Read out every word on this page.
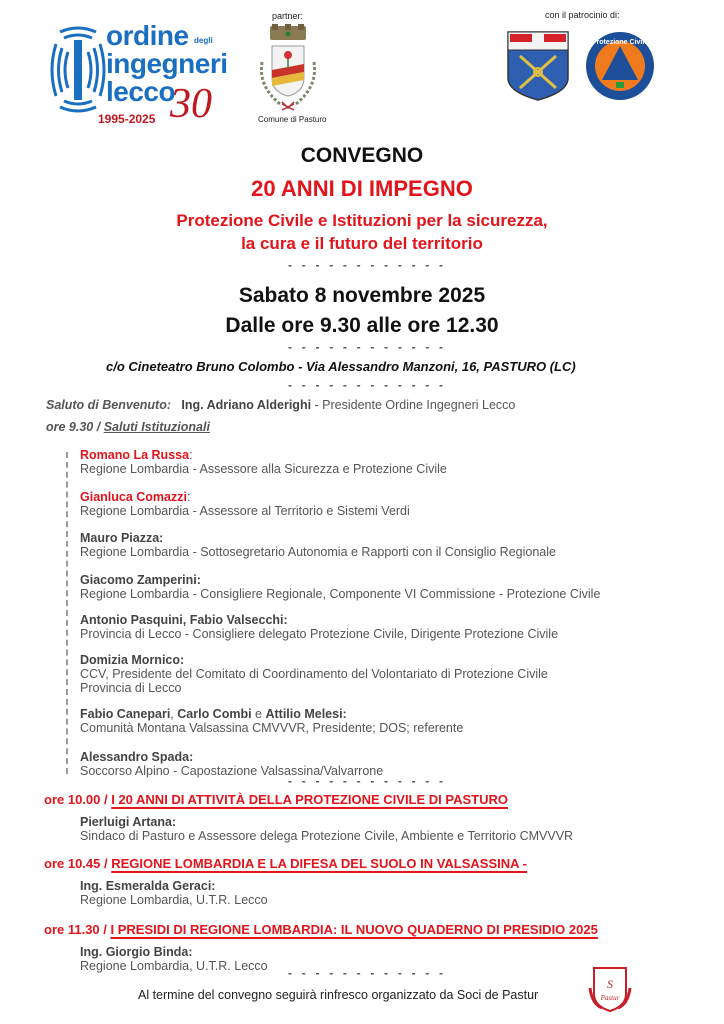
ordine degli
ingegneri
lecco
1995-2025 30
partner:
Comune di Pasturo
con il patrocinio di:
Protezione Civile
CONVEGNO
20 ANNI DI IMPEGNO
Protezione Civile e Istituzioni per la sicurezza,
la cura e il futuro del territorio
- - - - - - - - - - - -
Sabato 8 novembre 2025
Dalle ore 9.30 alle ore 12.30
- - - - - - - - - - - -
c/o Cineteatro Bruno Colombo - Via Alessandro Manzoni, 16, PASTURO (LC)
- - - - - - - - - - - -
Saluto di Benvenuto: Ing. Adriano Alderighi - Presidente Ordine Ingegneri Lecco
ore 9.30 / Saluti Istituzionali
Romano La Russa:
Regione Lombardia - Assessore alla Sicurezza e Protezione Civile
Gianluca Comazzi:
Regione Lombardia - Assessore al Territorio e Sistemi Verdi
Mauro Piazza:
Regione Lombardia - Sottosegretario Autonomia e Rapporti con il Consiglio Regionale
Giacomo Zamperini:
Regione Lombardia - Consigliere Regionale, Componente VI Commissione - Protezione Civile
Antonio Pasquini, Fabio Valsecchi:
Provincia di Lecco - Consigliere delegato Protezione Civile, Dirigente Protezione Civile
Domizia Mornico:
CCV, Presidente del Comitato di Coordinamento del Volontariato di Protezione Civile
Provincia di Lecco
Fabio Canepari, Carlo Combi e Attilio Melesi:
Comunità Montana Valsassina CMVVVR, Presidente; DOS; referente
Alessandro Spada:
Soccorso Alpino - Capostazione Valsassina/Valvarrone
- - - - - - - - - - - -
ore 10.00 / I 20 ANNI DI ATTIVITÀ DELLA PROTEZIONE CIVILE DI PASTURO
Pierluigi Artana:
Sindaco di Pasturo e Assessore delega Protezione Civile, Ambiente e Territorio CMVVVR
ore 10.45 / REGIONE LOMBARDIA E LA DIFESA DEL SUOLO IN VALSASSINA -
Ing. Esmeralda Geraci:
Regione Lombardia, U.T.R. Lecco
ore 11.30 / I PRESIDI DI REGIONE LOMBARDIA: IL NUOVO QUADERNO DI PRESIDIO 2025
Ing. Giorgio Binda:
Regione Lombardia, U.T.R. Lecco - - - - - - - - - - - -
Al termine del convegno seguirà rinfresco organizzato da Soci de Pastur
S
Pastur
